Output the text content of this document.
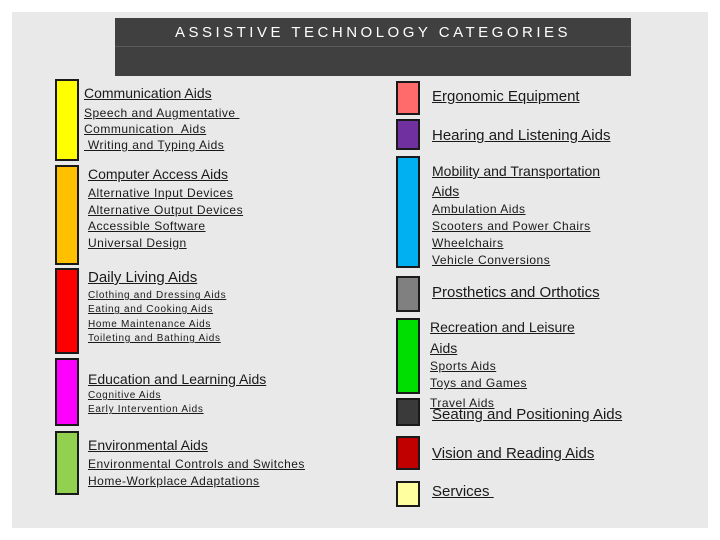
ASSISTIVE TECHNOLOGY CATEGORIES
Communication Aids
Speech and Augmentative
Communication  Aids
Writing and Typing Aids
Computer Access Aids
Alternative Input Devices
Alternative Output Devices
Accessible Software
Universal Design
Daily Living Aids
Clothing and Dressing Aids
Eating and Cooking Aids
Home Maintenance Aids
Toileting and Bathing Aids
Education and Learning Aids
Cognitive Aids
Early Intervention Aids
Environmental Aids
Environmental Controls and Switches
Home-Workplace Adaptations
Ergonomic Equipment
Hearing and Listening Aids
Mobility and Transportation
Aids
Ambulation Aids
Scooters and Power Chairs
Wheelchairs
Vehicle Conversions
Prosthetics and Orthotics
Recreation and Leisure
Aids
Sports Aids
Toys and Games
Travel Aids
Seating and Positioning Aids
Vision and Reading Aids
Services
